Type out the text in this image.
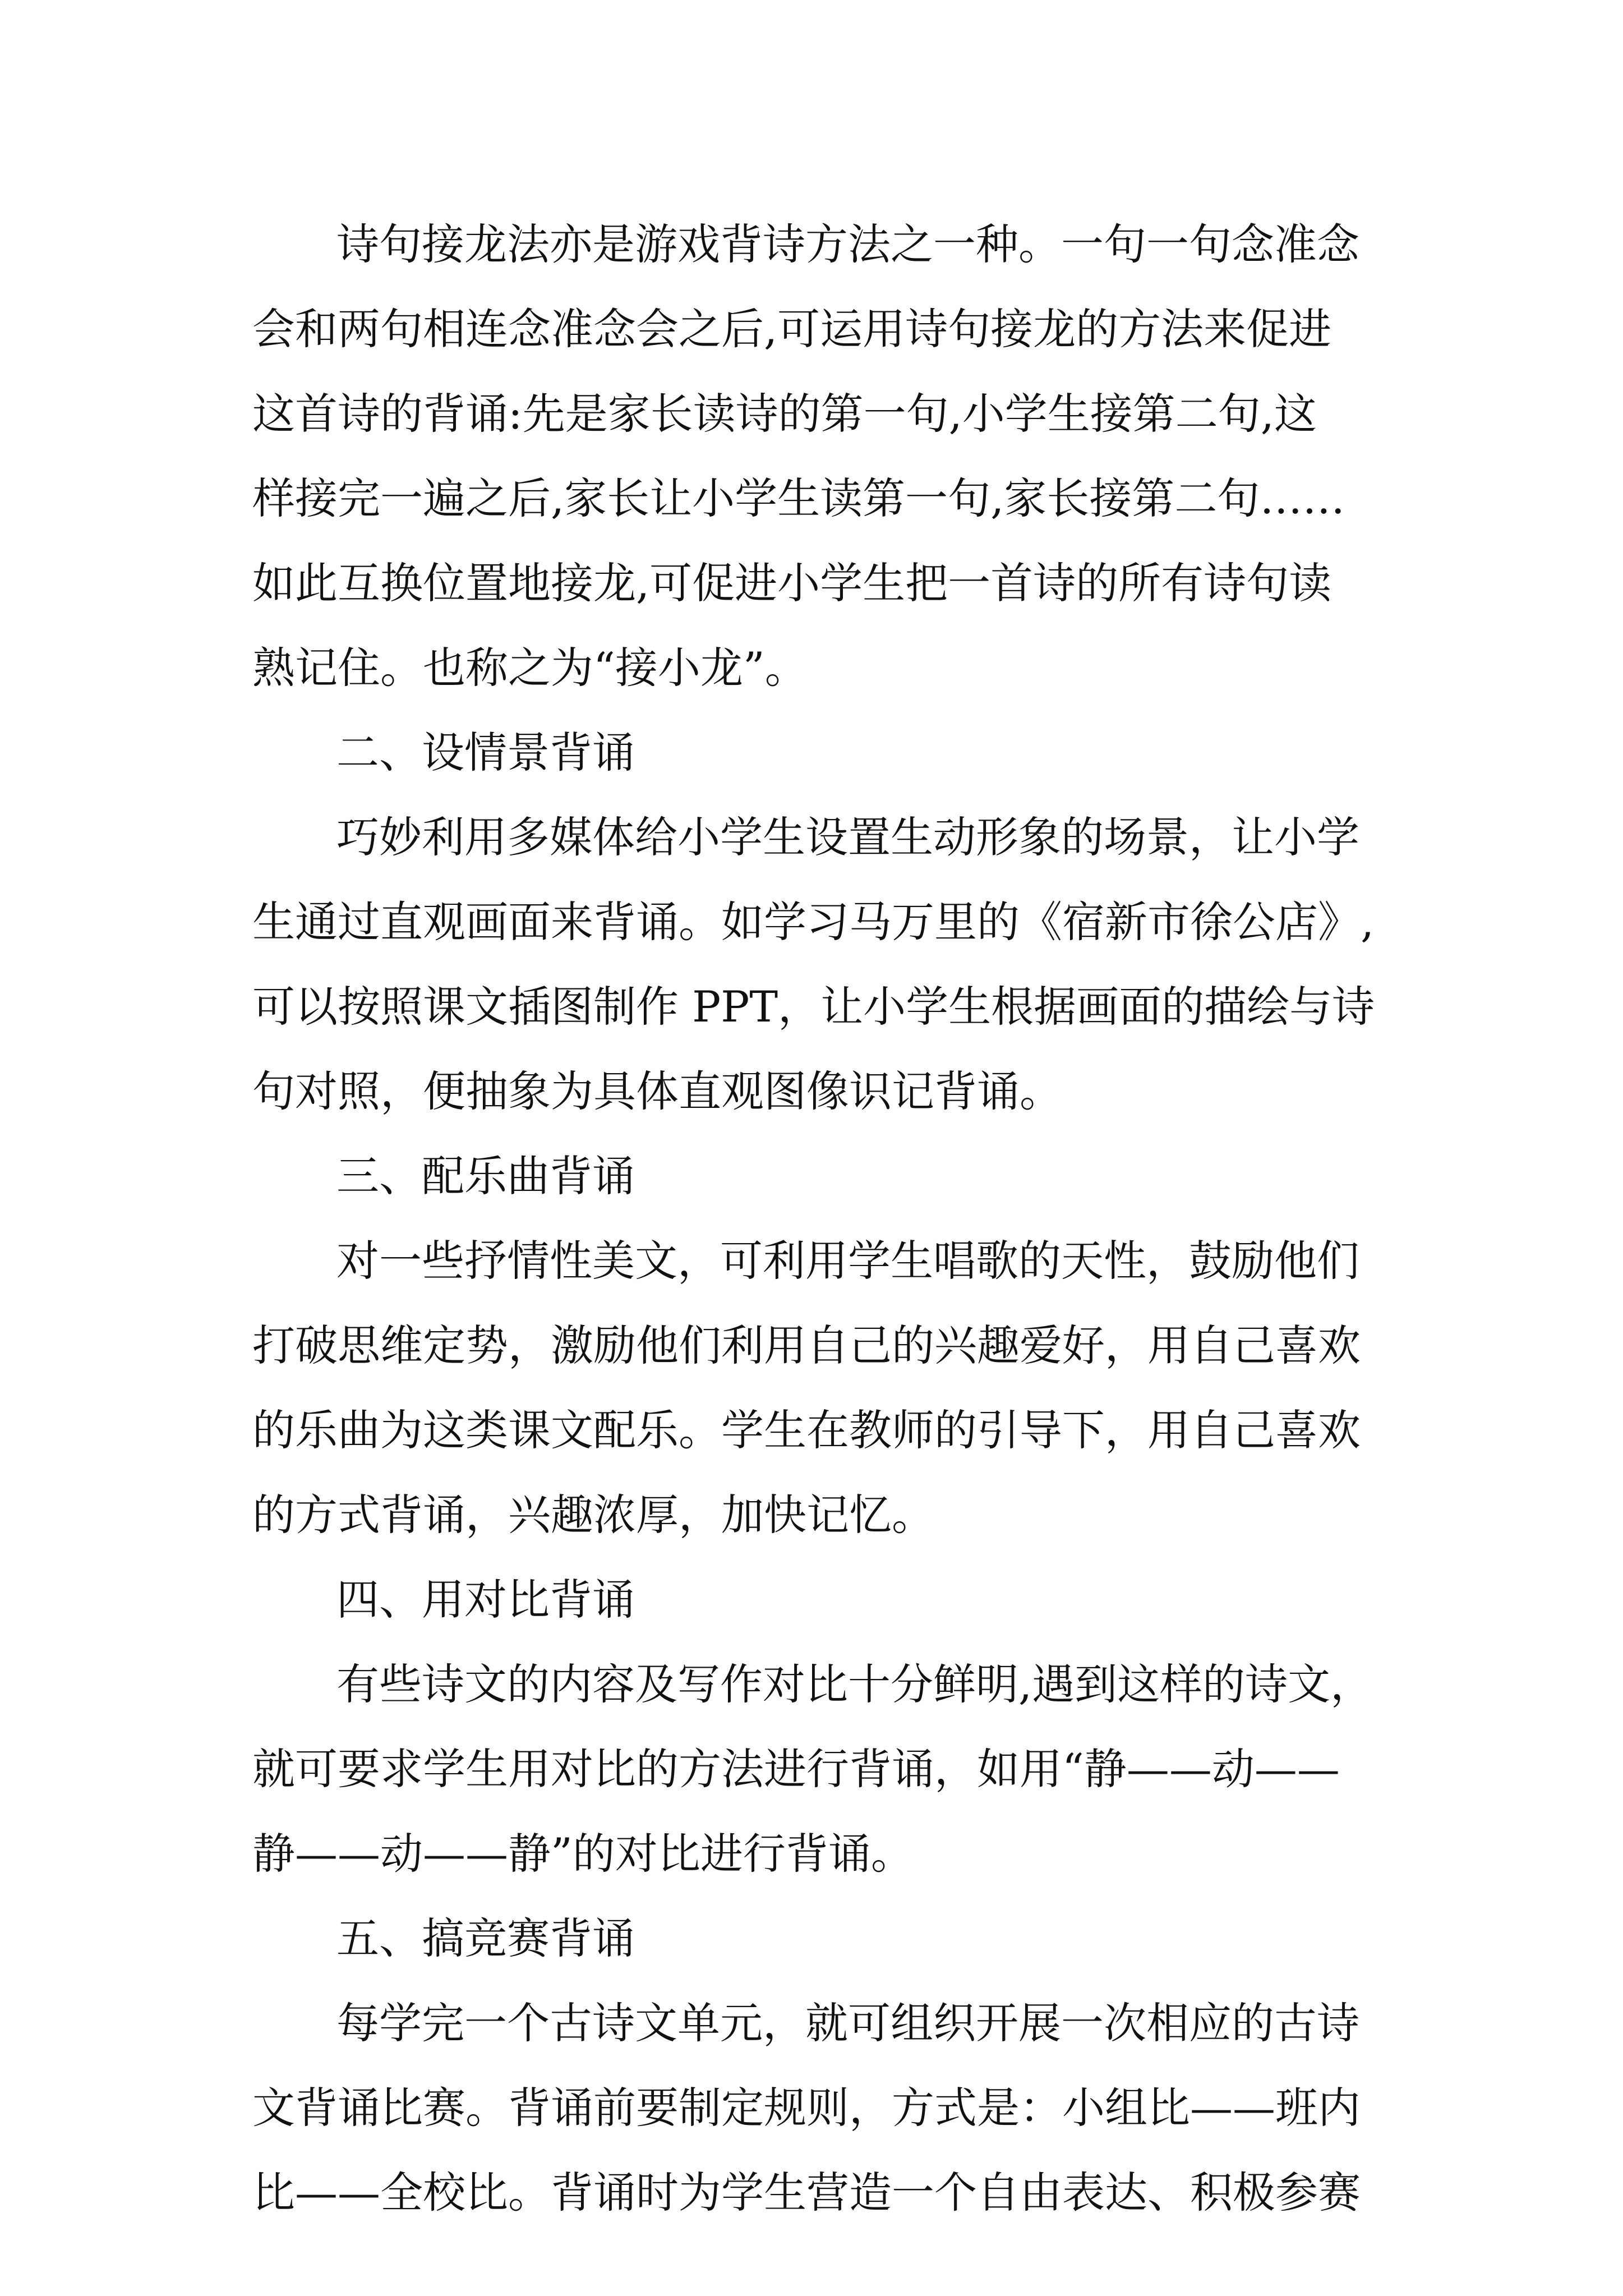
诗句接龙法亦是游戏背诗方法之一种。一句一句念准念
会和两句相连念准念会之后,可运用诗句接龙的方法来促进
这首诗的背诵:先是家长读诗的第一句,小学生接第二句,这
样接完一遍之后,家长让小学生读第一句,家长接第二句……
如此互换位置地接龙,可促进小学生把一首诗的所有诗句读
熟记住。也称之为“接小龙”。
二、设情景背诵
巧妙利用多媒体给小学生设置生动形象的场景，让小学
生通过直观画面来背诵。如学习马万里的《宿新市徐公店》,
可以按照课文插图制作 PPT，让小学生根据画面的描绘与诗
句对照，便抽象为具体直观图像识记背诵。
三、配乐曲背诵
对一些抒情性美文，可利用学生唱歌的天性，鼓励他们
打破思维定势，激励他们利用自己的兴趣爱好，用自己喜欢
的乐曲为这类课文配乐。学生在教师的引导下，用自己喜欢
的方式背诵，兴趣浓厚，加快记忆。
四、用对比背诵
有些诗文的内容及写作对比十分鲜明,遇到这样的诗文，
就可要求学生用对比的方法进行背诵，如用“静——动——
静——动——静”的对比进行背诵。
五、搞竞赛背诵
每学完一个古诗文单元，就可组织开展一次相应的古诗
文背诵比赛。背诵前要制定规则，方式是：小组比——班内
比——全校比。背诵时为学生营造一个自由表达、积极参赛
